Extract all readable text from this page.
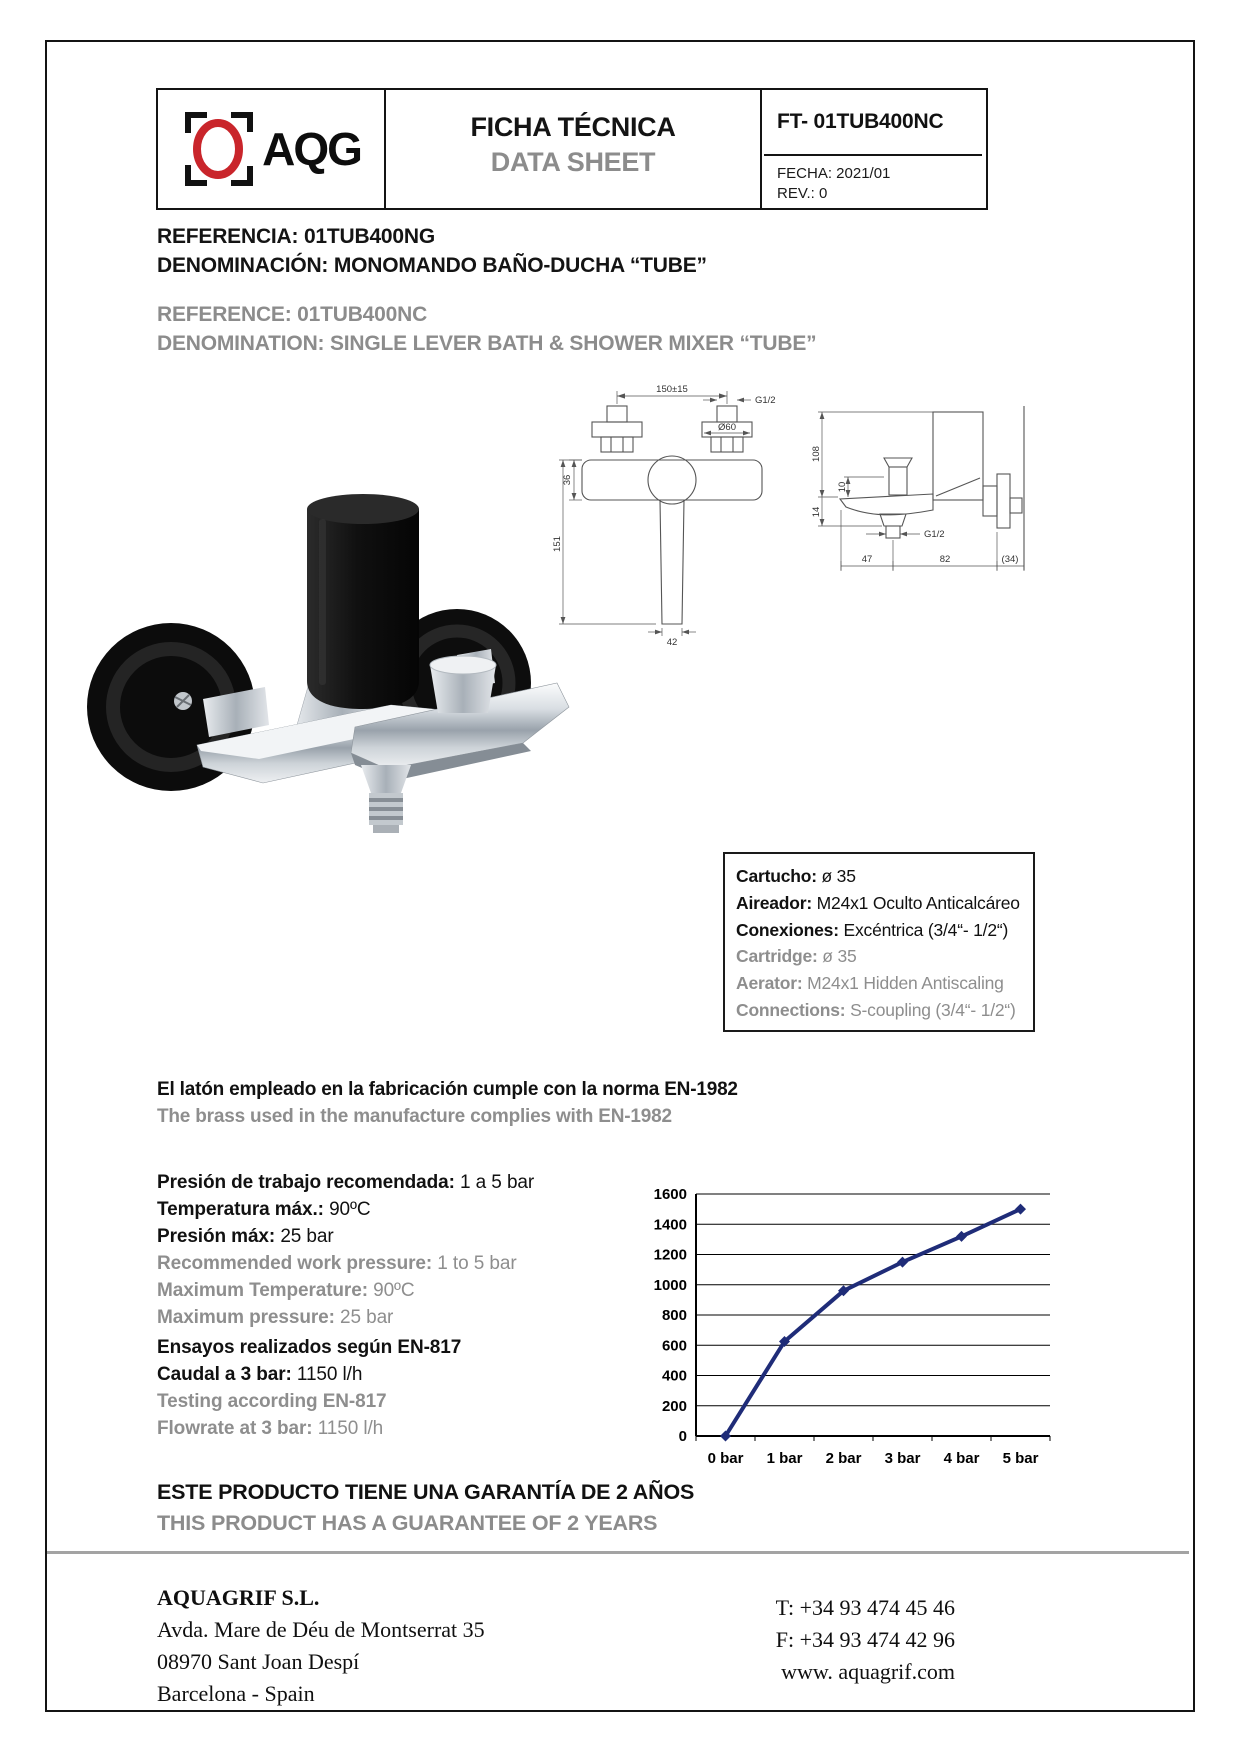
AQG	FICHA TÉCNICA
DATA SHEET
FT- 01TUB400NC
FECHA: 2021/01
REV.: 0
REFERENCIA: 01TUB400NG
DENOMINACIÓN: MONOMANDO BAÑO-DUCHA “TUBE”
REFERENCE: 01TUB400NC
DENOMINATION: SINGLE LEVER BATH & SHOWER MIXER “TUBE”
150±15
G1/2
Ø60
36
151
42
108
10
14
G1/2
47	82	(34)
Cartucho: ø 35
Aireador: M24x1 Oculto Anticalcáreo
Conexiones: Excéntrica (3/4“- 1/2“)
Cartridge: ø 35
Aerator: M24x1 Hidden Antiscaling
Connections: S-coupling (3/4“- 1/2“)
El latón empleado en la fabricación cumple con la norma EN-1982
The brass used in the manufacture complies with EN-1982
Presión de trabajo recomendada: 1 a 5 bar
Temperatura máx.: 90ºC
Presión máx: 25 bar
Recommended work pressure: 1 to 5 bar
Maximum Temperature: 90ºC
Maximum pressure: 25 bar
Ensayos realizados según EN-817
Caudal a 3 bar: 1150 l/h
Testing according EN-817
Flowrate at 3 bar: 1150 l/h	0
200
400
600
800
1000
1200
1400
1600
0 bar 1 bar 2 bar 3 bar 4 bar 5 bar
ESTE PRODUCTO TIENE UNA GARANTÍA DE 2 AÑOS
THIS PRODUCT HAS A GUARANTEE OF 2 YEARS
AQUAGRIF S.L.
Avda. Mare de Déu de Montserrat 35
08970 Sant Joan Despí
Barcelona - Spain
T: +34 93 474 45 46
F: +34 93 474 42 96
www. aquagrif.com
